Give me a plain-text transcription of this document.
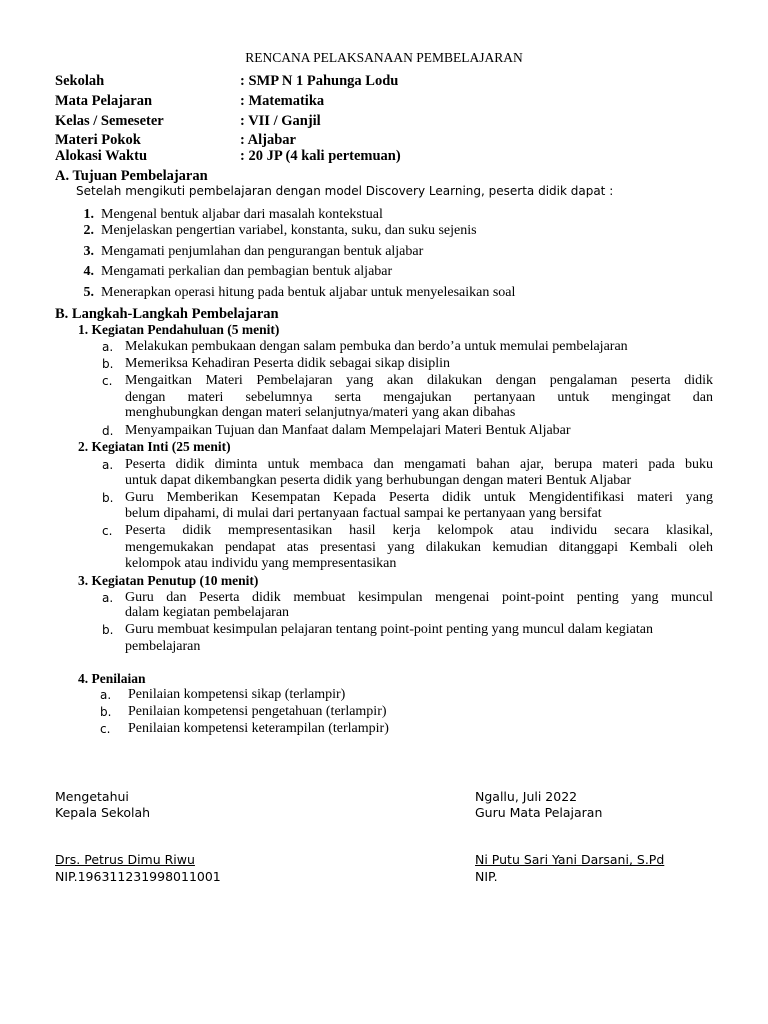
RENCANA PELAKSANAAN PEMBELAJARAN
Sekolah	: SMP N 1 Pahunga Lodu
Mata Pelajaran	: Matematika
Kelas / Semeseter	: VII / Ganjil
Materi Pokok	: Aljabar
Alokasi Waktu	: 20 JP (4 kali pertemuan)
A. Tujuan Pembelajaran
Setelah mengikuti pembelajaran dengan model Discovery Learning, peserta didik dapat :
1. Mengenal bentuk aljabar dari masalah kontekstual
2. Menjelaskan pengertian variabel, konstanta, suku, dan suku sejenis
3. Mengamati penjumlahan dan pengurangan bentuk aljabar
4. Mengamati perkalian dan pembagian bentuk aljabar
5. Menerapkan operasi hitung pada bentuk aljabar untuk menyelesaikan soal
B. Langkah-Langkah Pembelajaran
1. Kegiatan Pendahuluan (5 menit)
a. Melakukan pembukaan dengan salam pembuka dan berdo’a untuk memulai pembelajaran
b. Memeriksa Kehadiran Peserta didik sebagai sikap disiplin
c. Mengaitkan Materi Pembelajaran yang akan dilakukan dengan pengalaman peserta didik
dengan materi sebelumnya serta mengajukan pertanyaan untuk mengingat dan
menghubungkan dengan materi selanjutnya/materi yang akan dibahas
d. Menyampaikan Tujuan dan Manfaat dalam Mempelajari Materi Bentuk Aljabar
2. Kegiatan Inti (25 menit)
a. Peserta didik diminta untuk membaca dan mengamati bahan ajar, berupa materi pada buku
untuk dapat dikembangkan peserta didik yang berhubungan dengan materi Bentuk Aljabar
b. Guru Memberikan Kesempatan Kepada Peserta didik untuk Mengidentifikasi materi yang
belum dipahami, di mulai dari pertanyaan factual sampai ke pertanyaan yang bersifat
c. Peserta didik mempresentasikan hasil kerja kelompok atau individu secara klasikal,
mengemukakan pendapat atas presentasi yang dilakukan kemudian ditanggapi Kembali oleh
kelompok atau individu yang mempresentasikan
3. Kegiatan Penutup (10 menit)
a. Guru dan Peserta didik membuat kesimpulan mengenai point-point penting yang muncul
dalam kegiatan pembelajaran
b. Guru membuat kesimpulan pelajaran tentang point-point penting yang muncul dalam kegiatan
pembelajaran
4. Penilaian
a. Penilaian kompetensi sikap (terlampir)
b. Penilaian kompetensi pengetahuan (terlampir)
c. Penilaian kompetensi keterampilan (terlampir)
Mengetahui
Kepala Sekolah
Drs. Petrus Dimu Riwu
NIP.196311231998011001
Ngallu, Juli 2022
Guru Mata Pelajaran
Ni Putu Sari Yani Darsani, S.Pd
NIP.
